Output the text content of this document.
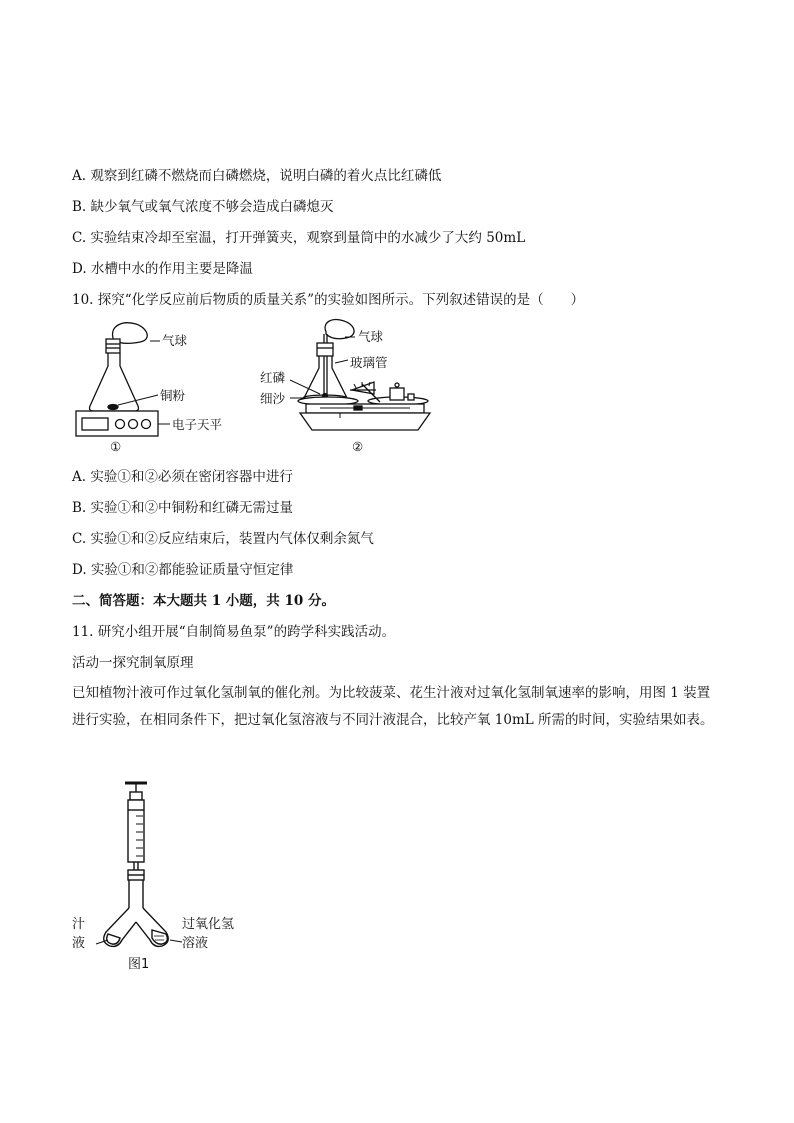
A. 观察到红磷不燃烧而白磷燃烧，说明白磷的着火点比红磷低
B. 缺少氧气或氧气浓度不够会造成白磷熄灭
C. 实验结束冷却至室温，打开弹簧夹，观察到量筒中的水减少了大约 50mL
D. 水槽中水的作用主要是降温
10. 探究“化学反应前后物质的质量关系”的实验如图所示。下列叙述错误的是（　　）
气球
铜粉
电子天平
①
气球
玻璃管
红磷
细沙
②
A. 实验①和②必须在密闭容器中进行
B. 实验①和②中铜粉和红磷无需过量
C. 实验①和②反应结束后，装置内气体仅剩余氮气
D. 实验①和②都能验证质量守恒定律
二、简答题：本大题共 1 小题，共 10 分。
11. 研究小组开展“自制简易鱼泵”的跨学科实践活动。
活动一探究制氧原理
已知植物汁液可作过氧化氢制氧的催化剂。为比较菠菜、花生汁液对过氧化氢制氧速率的影响，用图 1 装置进行实验，在相同条件下，把过氧化氢溶液与不同汁液混合，比较产氧 10mL 所需的时间，实验结果如表。
汁
液
过氧化氢
溶液
图1
